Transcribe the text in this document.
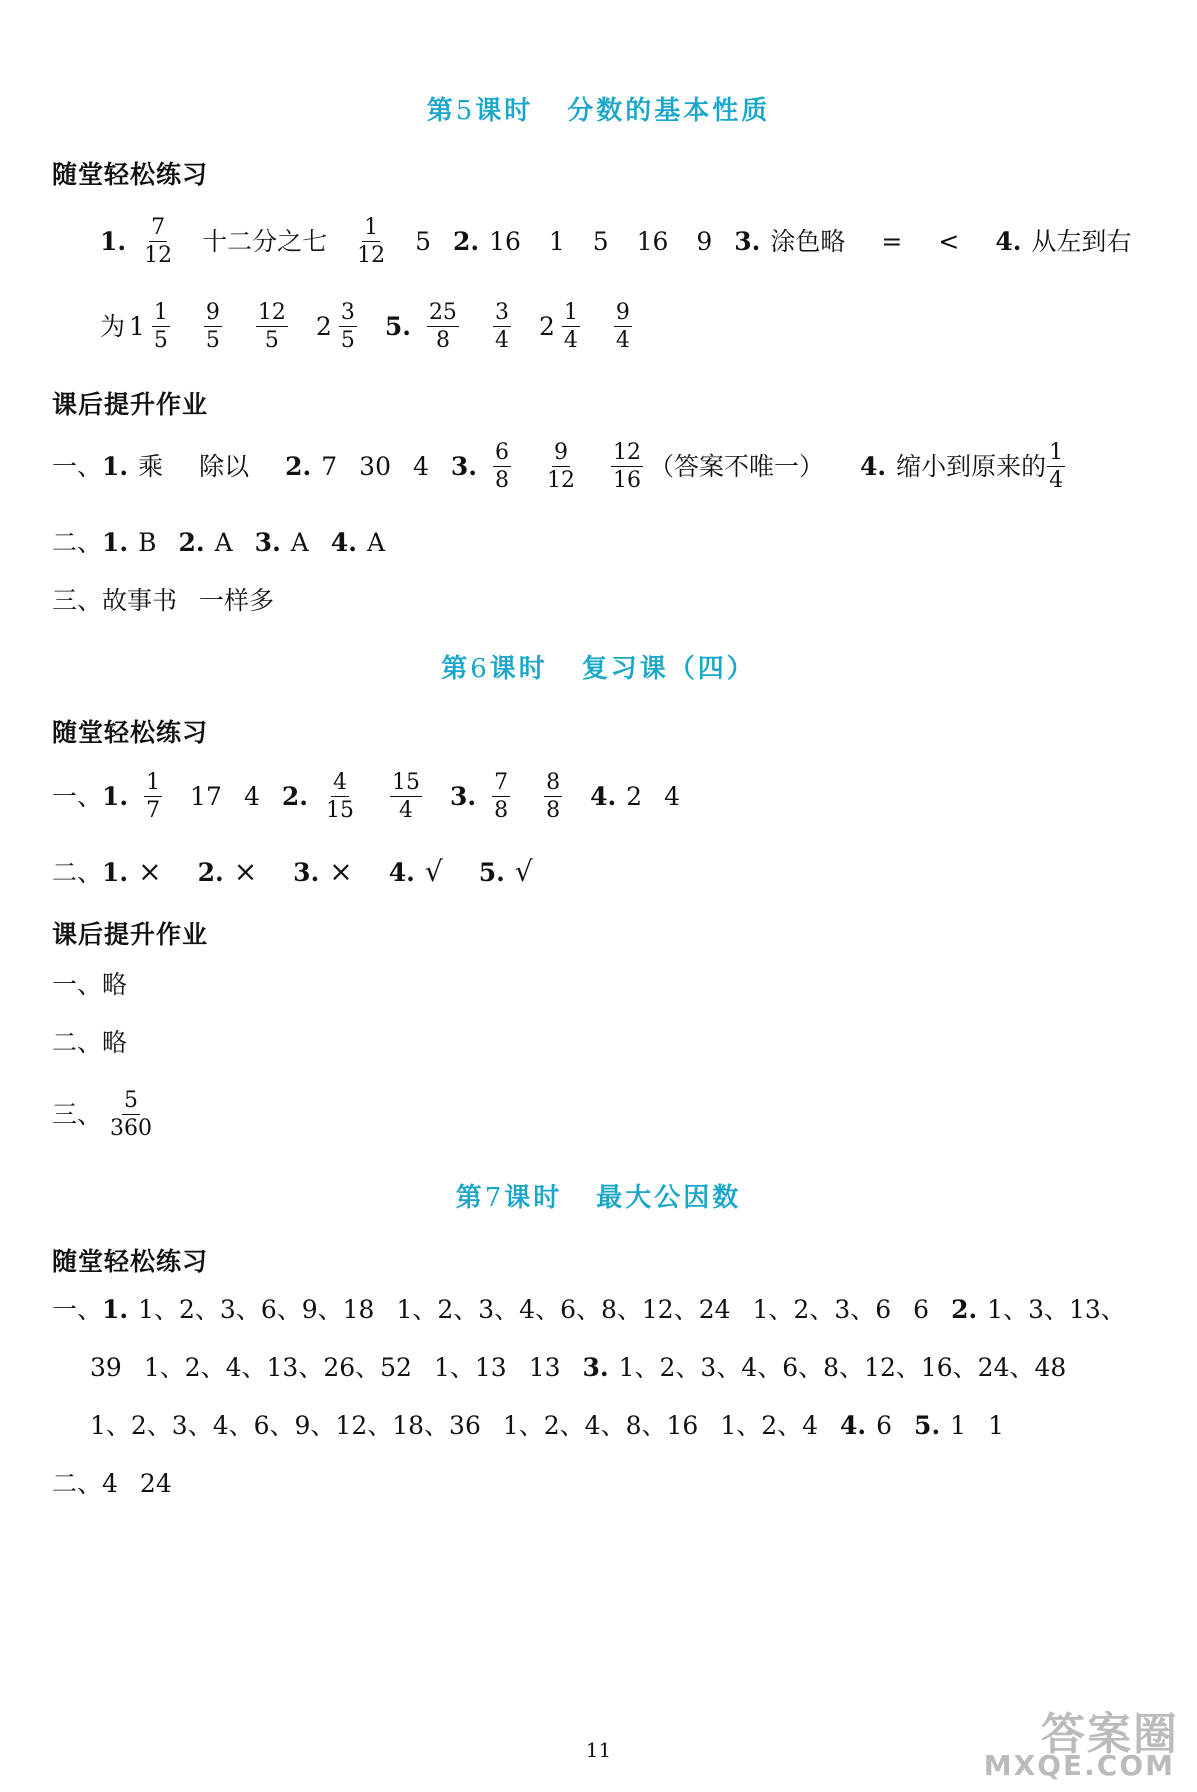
第5课时 分数的基本性质
随堂轻松练习
1. $\frac{7}{12}$ 十二分之七 $\frac{1}{12} 5$ 2. 16 1 5 16 9 3. 涂色略 = < 4. 从左到右
为 $1 \frac{1}{5} \frac{9}{5} \frac{12}{5} 2 \frac{3}{5} 5$. $\frac{25}{8} \frac{3}{4} 2 \frac{1}{4} \frac{9}{4}$
课后提升作业
一、 1. 乘 除以 2. 7 30 4 3. $\frac{6}{8} \frac{9}{12} \frac{12}{16}$ （答案不唯一） 4. 缩小到原来的 $\frac{1}{4}$
二、 1. B 2. A 3. A 4. A
三、 故事书 一样多
第6课时 复习课（四）
随堂轻松练习
一、 1. $\frac{1}{7} 17$ 4 2. $\frac{4}{15} \frac{15}{4} 3$. $\frac{7}{8} \frac{8}{8} 4$. 2 4
二、 1. × 2. × 3. × 4. √ 5. √
课后提升作业
一、 略
二、 略
三、 $\frac{5}{360}$
第7课时 最大公因数
随堂轻松练习
一、 1. 1、2、3、6、9、18 1、2、3、4、6、8、12、24 1、2、3、6 6 2. 1、3、13、
39 1、2、4、13、26、52 1、13 13 3. 1、2、3、4、6、8、12、16、24、48
1、2、3、4、6、9、12、18、36 1、2、4、8、16 1、2、4 4. 6 5. 1 1
二、 4 24
11	答案圈
MXQE.COM
